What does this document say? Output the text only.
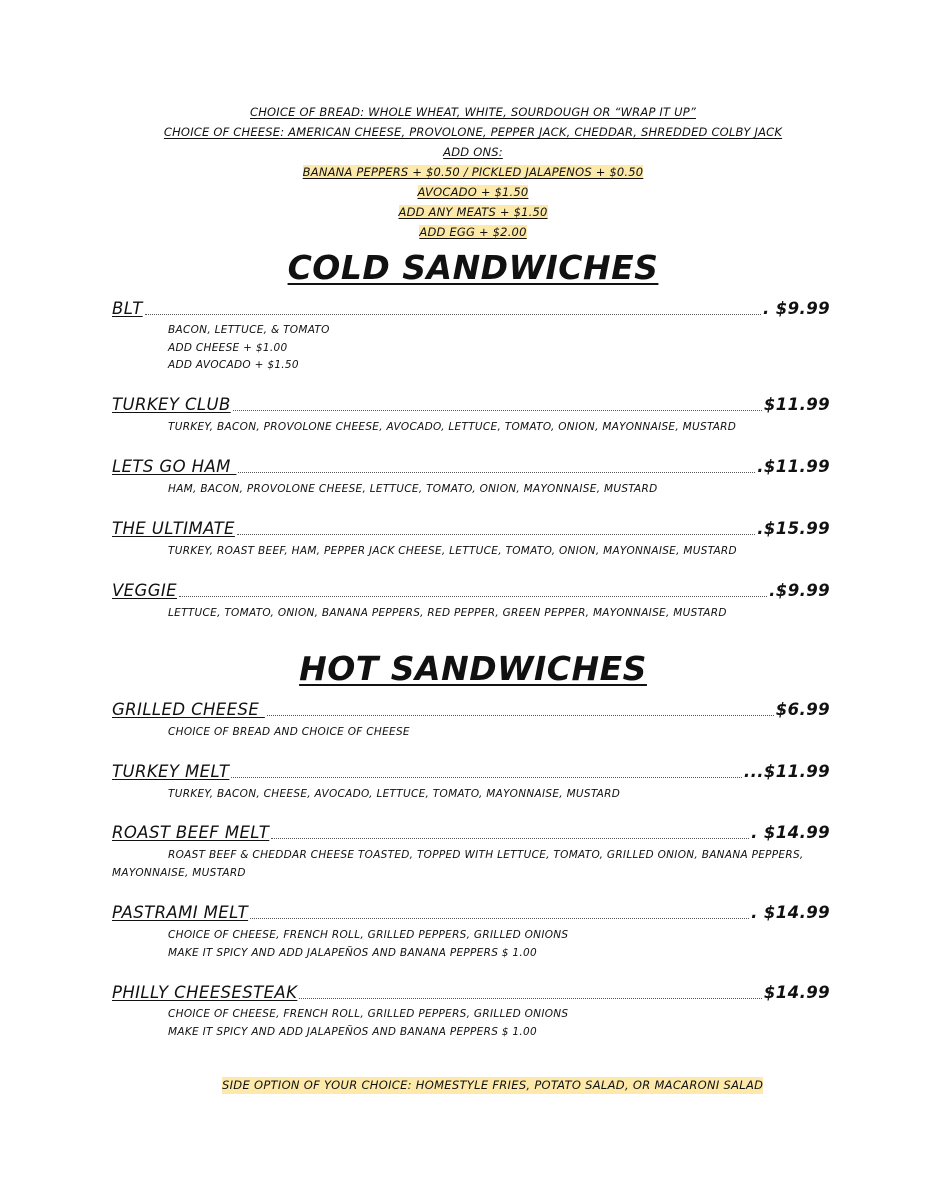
CHOICE OF BREAD: WHOLE WHEAT, WHITE, SOURDOUGH OR “WRAP IT UP”
CHOICE OF CHEESE: AMERICAN CHEESE, PROVOLONE, PEPPER JACK, CHEDDAR, SHREDDED COLBY JACK
ADD ONS:
BANANA PEPPERS + $0.50 / PICKLED JALAPENOS + $0.50
AVOCADO + $1.50
ADD ANY MEATS + $1.50
ADD EGG + $2.00
COLD SANDWICHES
BLT	. $9.99
BACON, LETTUCE, & TOMATO
ADD CHEESE + $1.00
ADD AVOCADO + $1.50
TURKEY CLUB	$11.99
TURKEY, BACON, PROVOLONE CHEESE, AVOCADO, LETTUCE, TOMATO, ONION, MAYONNAISE, MUSTARD
LETS GO HAM	.$11.99
HAM, BACON, PROVOLONE CHEESE, LETTUCE, TOMATO, ONION, MAYONNAISE, MUSTARD
THE ULTIMATE	.$15.99
TURKEY, ROAST BEEF, HAM, PEPPER JACK CHEESE, LETTUCE, TOMATO, ONION, MAYONNAISE, MUSTARD
VEGGIE	.$9.99
LETTUCE, TOMATO, ONION, BANANA PEPPERS, RED PEPPER, GREEN PEPPER, MAYONNAISE, MUSTARD
HOT SANDWICHES
GRILLED CHEESE	$6.99
CHOICE OF BREAD AND CHOICE OF CHEESE
TURKEY MELT	...$11.99
TURKEY, BACON, CHEESE, AVOCADO, LETTUCE, TOMATO, MAYONNAISE, MUSTARD
ROAST BEEF MELT	. $14.99
ROAST BEEF & CHEDDAR CHEESE TOASTED, TOPPED WITH LETTUCE, TOMATO, GRILLED ONION, BANANA PEPPERS, MAYONNAISE, MUSTARD
PASTRAMI MELT	. $14.99
CHOICE OF CHEESE, FRENCH ROLL, GRILLED PEPPERS, GRILLED ONIONS
MAKE IT SPICY AND ADD JALAPEÑOS AND BANANA PEPPERS $ 1.00
PHILLY CHEESESTEAK	$14.99
CHOICE OF CHEESE, FRENCH ROLL, GRILLED PEPPERS, GRILLED ONIONS
MAKE IT SPICY AND ADD JALAPEÑOS AND BANANA PEPPERS $ 1.00
SIDE OPTION OF YOUR CHOICE: HOMESTYLE FRIES, POTATO SALAD, OR MACARONI SALAD
